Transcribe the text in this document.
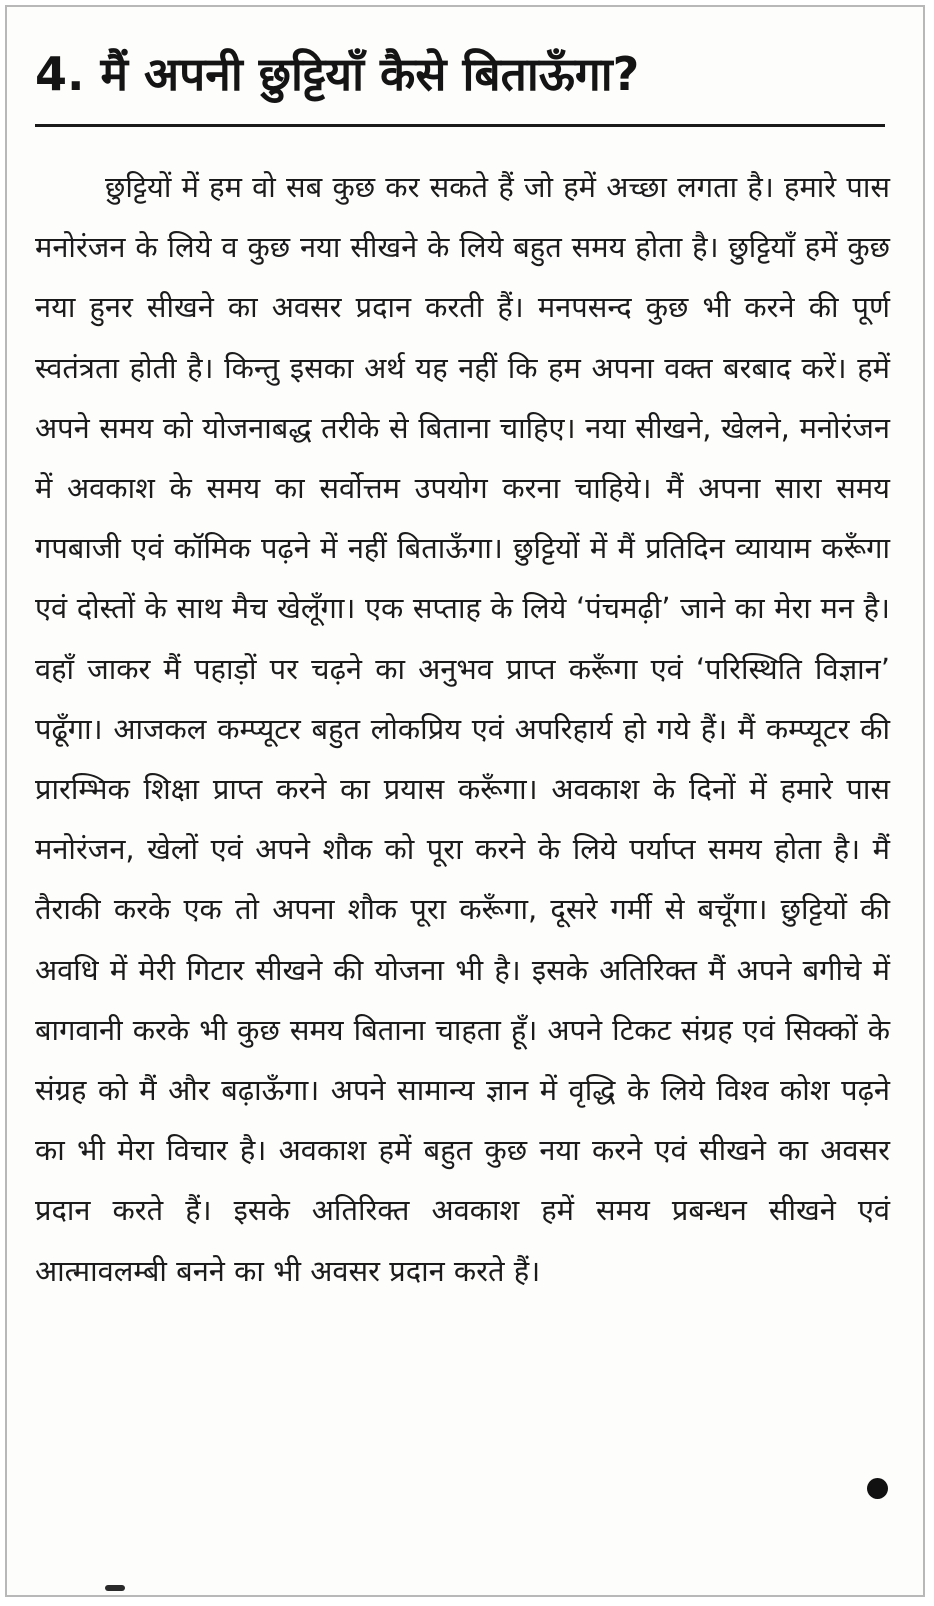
4. मैं अपनी छुट्टियाँ कैसे बिताऊँगा?

छुट्टियों में हम वो सब कुछ कर सकते हैं जो हमें अच्छा लगता है। हमारे पास मनोरंजन के लिये व कुछ नया सीखने के लिये बहुत समय होता है। छुट्टियाँ हमें कुछ नया हुनर सीखने का अवसर प्रदान करती हैं। मनपसन्द कुछ भी करने की पूर्ण स्वतंत्रता होती है। किन्तु इसका अर्थ यह नहीं कि हम अपना वक्त बरबाद करें। हमें अपने समय को योजनाबद्ध तरीके से बिताना चाहिए। नया सीखने, खेलने, मनोरंजन में अवकाश के समय का सर्वोत्तम उपयोग करना चाहिये। मैं अपना सारा समय गपबाजी एवं कॉमिक पढ़ने में नहीं बिताऊँगा। छुट्टियों में मैं प्रतिदिन व्यायाम करूँगा एवं दोस्तों के साथ मैच खेलूँगा। एक सप्ताह के लिये ‘पंचमढ़ी’ जाने का मेरा मन है। वहाँ जाकर मैं पहाड़ों पर चढ़ने का अनुभव प्राप्त करूँगा एवं ‘परिस्थिति विज्ञान’ पढूँगा। आजकल कम्प्यूटर बहुत लोकप्रिय एवं अपरिहार्य हो गये हैं। मैं कम्प्यूटर की प्रारम्भिक शिक्षा प्राप्त करने का प्रयास करूँगा। अवकाश के दिनों में हमारे पास मनोरंजन, खेलों एवं अपने शौक को पूरा करने के लिये पर्याप्त समय होता है। मैं तैराकी करके एक तो अपना शौक पूरा करूँगा, दूसरे गर्मी से बचूँगा। छुट्टियों की अवधि में मेरी गिटार सीखने की योजना भी है। इसके अतिरिक्त मैं अपने बगीचे में बागवानी करके भी कुछ समय बिताना चाहता हूँ। अपने टिकट संग्रह एवं सिक्कों के संग्रह को मैं और बढ़ाऊँगा। अपने सामान्य ज्ञान में वृद्धि के लिये विश्व कोश पढ़ने का भी मेरा विचार है। अवकाश हमें बहुत कुछ नया करने एवं सीखने का अवसर प्रदान करते हैं। इसके अतिरिक्त अवकाश हमें समय प्रबन्धन सीखने एवं आत्मावलम्बी बनने का भी अवसर प्रदान करते हैं।
